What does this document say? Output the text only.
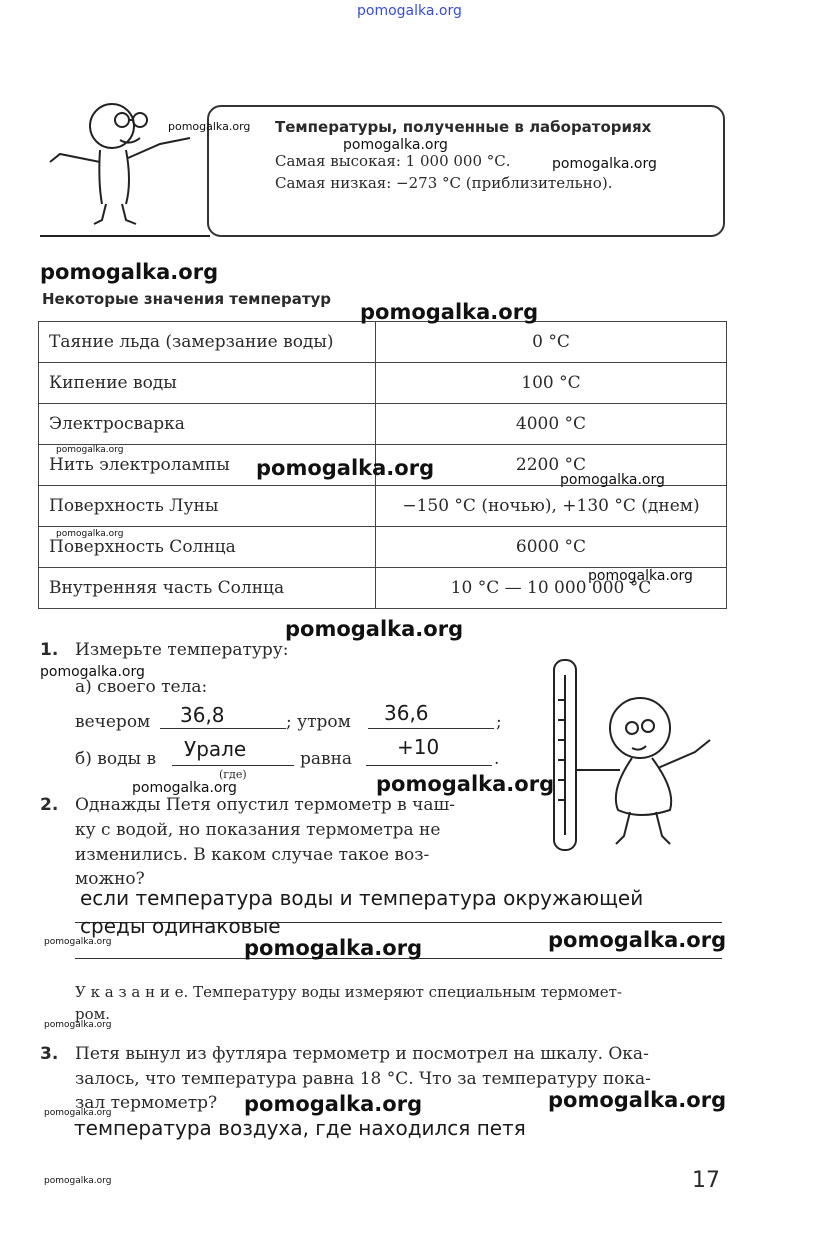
pomogalka.org
Температуры, полученные в лабораториях
Самая высокая: 1 000 000 °С.
Самая низкая: −273 °С (приблизительно).
Некоторые значения температур
Таяние льда (замерзание воды)	0 °С
Кипение воды	100 °С
Электросварка	4000 °С
Нить электролампы	2200 °С
Поверхность Луны	−150 °С (ночью), +130 °С (днем)
Поверхность Солнца	6000 °С
Внутренняя часть Солнца	10 °С — 10 000 000 °С
1. Измерьте температуру:
а) своего тела:
вечером 36,8	; утром 36,6	;
б) воды в Урале
(где)
равна +10	.
2. Однажды Петя опустил термометр в чаш-
ку с водой, но показания термометра не
изменились. В каком случае такое воз-
можно?
если температура воды и температура окружающей
среды одинаковые
У к а з а н и е. Температуру воды измеряют специальным термомет-
ром.
3. Петя вынул из футляра термометр и посмотрел на шкалу. Ока-
залось, что температура равна 18 °С. Что за температуру пока-
зал термометр?
температура воздуха, где находился петя
17
pomogalka.org
pomogalka.org
pomogalka.org
pomogalka.org
pomogalka.org
pomogalka.org
pomogalka.org	pomogalka.org
pomogalka.org
pomogalka.org
pomogalka.org
pomogalka.org
pomogalka.org	pomogalka.org
pomogalka.org
pomogalka.org	pomogalka.org
pomogalka.org
pomogalka.org
pomogalka.org	pomogalka.org
pomogalka.org
